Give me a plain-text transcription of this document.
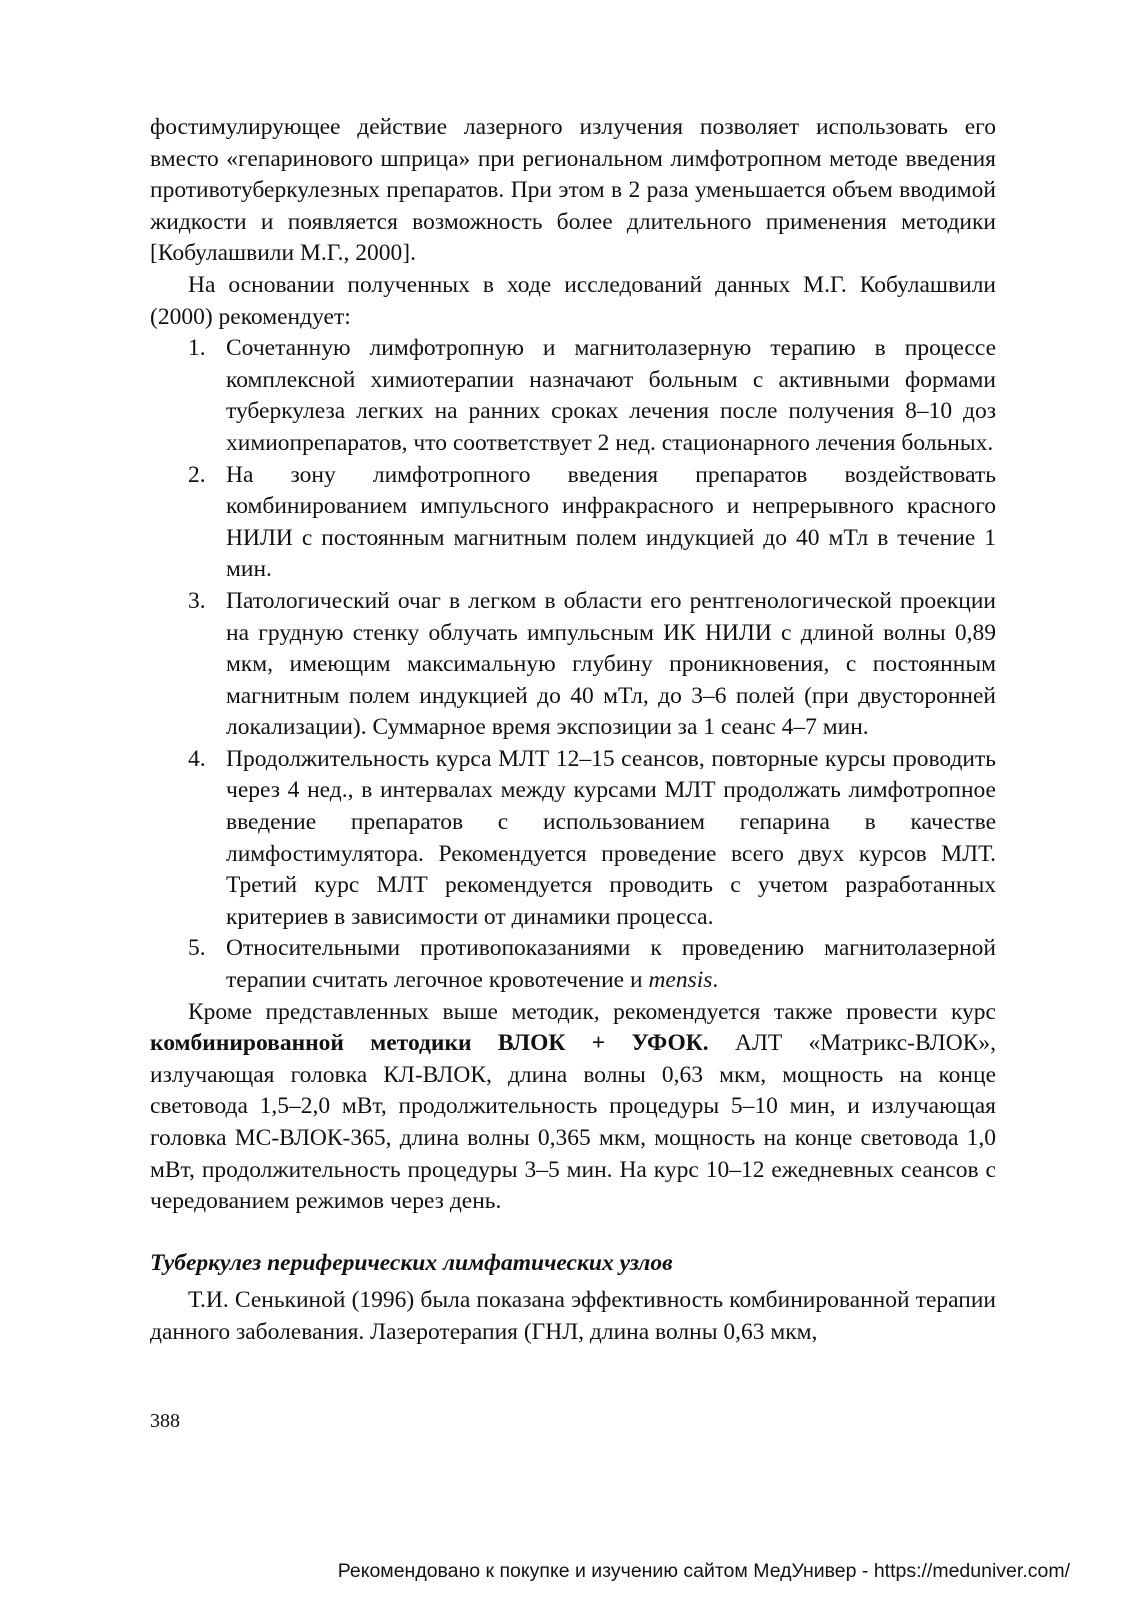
фостимулирующее действие лазерного излучения позволяет использовать его вместо «гепаринового шприца» при региональном лимфотропном методе введения противотуберкулезных препаратов. При этом в 2 раза уменьшается объем вводимой жидкости и появляется возможность более длительного применения методики [Кобулашвили М.Г., 2000].

На основании полученных в ходе исследований данных М.Г. Кобулашвили (2000) рекомендует:

1. Сочетанную лимфотропную и магнитолазерную терапию в процессе комплексной химиотерапии назначают больным с активными формами туберкулеза легких на ранних сроках лечения после получения 8–10 доз химиопрепаратов, что соответствует 2 нед. стационарного лечения больных.
2. На зону лимфотропного введения препаратов воздействовать комбинированием импульсного инфракрасного и непрерывного красного НИЛИ с постоянным магнитным полем индукцией до 40 мТл в течение 1 мин.
3. Патологический очаг в легком в области его рентгенологической проекции на грудную стенку облучать импульсным ИК НИЛИ с длиной волны 0,89 мкм, имеющим максимальную глубину проникновения, с постоянным магнитным полем индукцией до 40 мТл, до 3–6 полей (при двусторонней локализации). Суммарное время экспозиции за 1 сеанс 4–7 мин.
4. Продолжительность курса МЛТ 12–15 сеансов, повторные курсы проводить через 4 нед., в интервалах между курсами МЛТ продолжать лимфотропное введение препаратов с использованием гепарина в качестве лимфостимулятора. Рекомендуется проведение всего двух курсов МЛТ. Третий курс МЛТ рекомендуется проводить с учетом разработанных критериев в зависимости от динамики процесса.
5. Относительными противопоказаниями к проведению магнитолазерной терапии считать легочное кровотечение и mensis.

Кроме представленных выше методик, рекомендуется также провести курс комбинированной методики ВЛОК + УФОК. АЛТ «Матрикс-ВЛОК», излучающая головка КЛ-ВЛОК, длина волны 0,63 мкм, мощность на конце световода 1,5–2,0 мВт, продолжительность процедуры 5–10 мин, и излучающая головка МС-ВЛОК-365, длина волны 0,365 мкм, мощность на конце световода 1,0 мВт, продолжительность процедуры 3–5 мин. На курс 10–12 ежедневных сеансов с чередованием режимов через день.

Туберкулез периферических лимфатических узлов

Т.И. Сенькиной (1996) была показана эффективность комбинированной терапии данного заболевания. Лазеротерапия (ГНЛ, длина волны 0,63 мкм,

388
Рекомендовано к покупке и изучению сайтом МедУнивер - https://meduniver.com/
